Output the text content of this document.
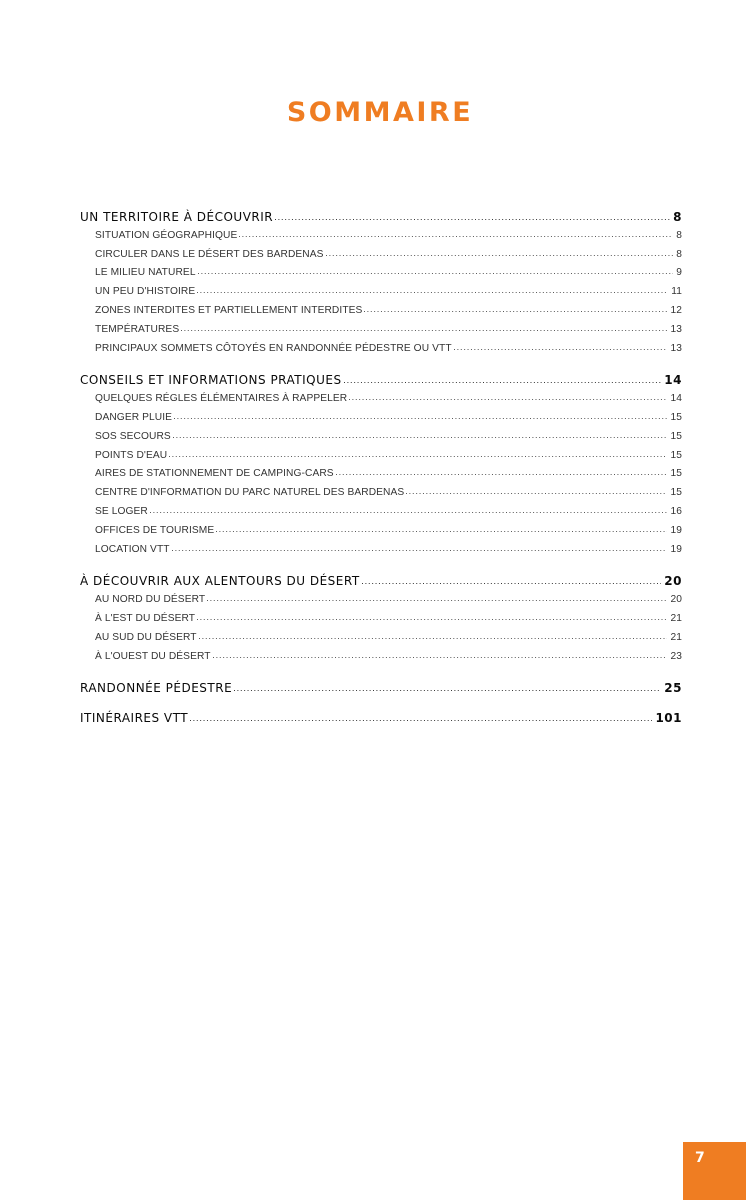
SOMMAIRE
UN TERRITOIRE À DÉCOUVRIR	8
SITUATION GÉOGRAPHIQUE	8
CIRCULER DANS LE DÉSERT DES BARDENAS	8
LE MILIEU NATUREL	9
UN PEU D'HISTOIRE	11
ZONES INTERDITES ET PARTIELLEMENT INTERDITES	12
TEMPÉRATURES	13
PRINCIPAUX SOMMETS CÔTOYÉS EN RANDONNÉE PÉDESTRE OU VTT	13
CONSEILS ET INFORMATIONS PRATIQUES	14
QUELQUES RÉGLES ÉLÉMENTAIRES À RAPPELER	14
DANGER PLUIE	15
SOS SECOURS	15
POINTS D'EAU	15
AIRES DE STATIONNEMENT DE CAMPING-CARS	15
CENTRE D'INFORMATION DU PARC NATUREL DES BARDENAS	15
SE LOGER	16
OFFICES DE TOURISME	19
LOCATION VTT	19
À DÉCOUVRIR AUX ALENTOURS DU DÉSERT	20
AU NORD DU DÉSERT	20
À L'EST DU DÉSERT	21
AU SUD DU DÉSERT	21
À L'OUEST DU DÉSERT	23
RANDONNÉE PÉDESTRE	25
ITINÉRAIRES VTT	101
7
